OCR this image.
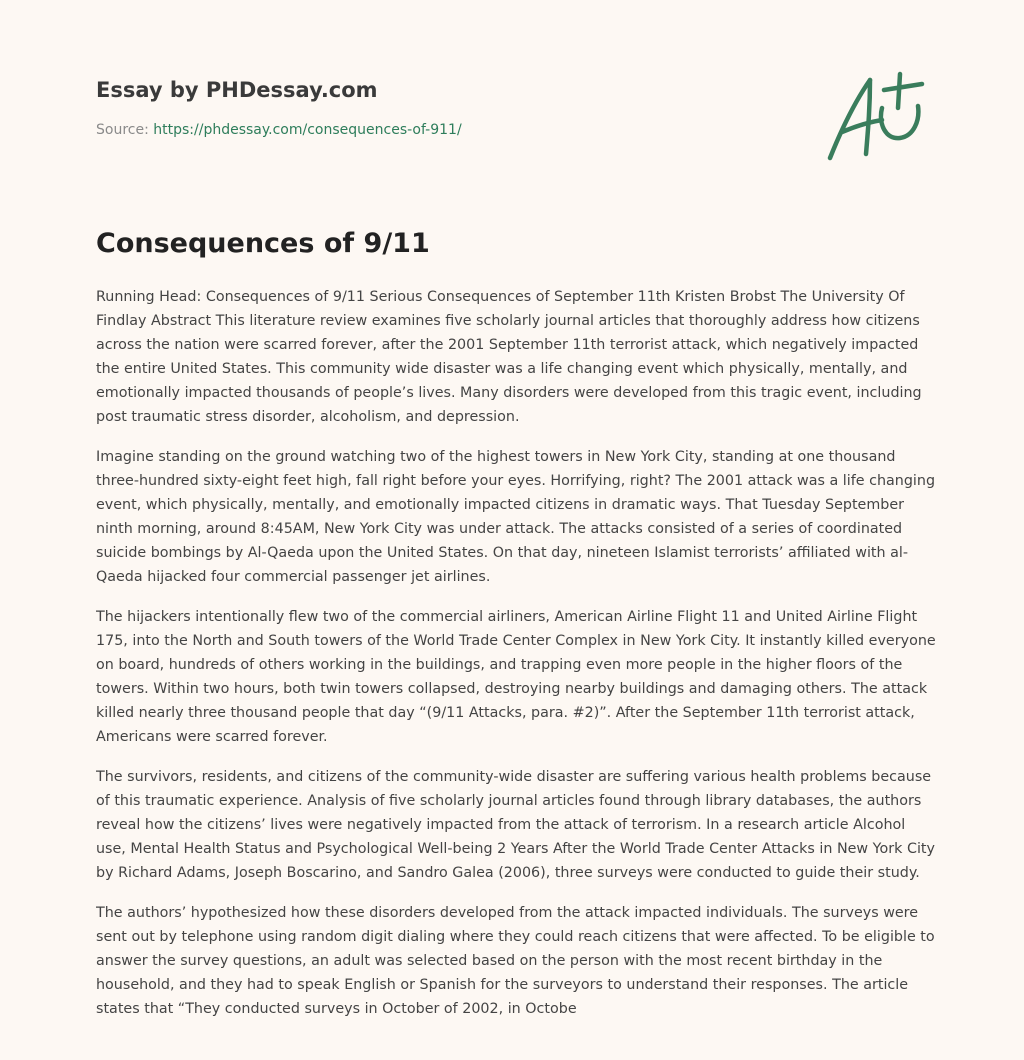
Essay by PHDessay.com
Source: https://phdessay.com/consequences-of-911/
Consequences of 9/11

Running Head: Consequences of 9/11 Serious Consequences of September 11th Kristen Brobst The University Of Findlay Abstract This literature review examines five scholarly journal articles that thoroughly address how citizens across the nation were scarred forever, after the 2001 September 11th terrorist attack, which negatively impacted the entire United States. This community wide disaster was a life changing event which physically, mentally, and emotionally impacted thousands of people’s lives. Many disorders were developed from this tragic event, including post traumatic stress disorder, alcoholism, and depression.

Imagine standing on the ground watching two of the highest towers in New York City, standing at one thousand three-hundred sixty-eight feet high, fall right before your eyes. Horrifying, right? The 2001 attack was a life changing event, which physically, mentally, and emotionally impacted citizens in dramatic ways. That Tuesday September ninth morning, around 8:45AM, New York City was under attack. The attacks consisted of a series of coordinated suicide bombings by Al-Qaeda upon the United States. On that day, nineteen Islamist terrorists’ affiliated with al-Qaeda hijacked four commercial passenger jet airlines.

The hijackers intentionally flew two of the commercial airliners, American Airline Flight 11 and United Airline Flight 175, into the North and South towers of the World Trade Center Complex in New York City. It instantly killed everyone on board, hundreds of others working in the buildings, and trapping even more people in the higher floors of the towers. Within two hours, both twin towers collapsed, destroying nearby buildings and damaging others. The attack killed nearly three thousand people that day “(9/11 Attacks, para. #2)”. After the September 11th terrorist attack, Americans were scarred forever.

The survivors, residents, and citizens of the community-wide disaster are suffering various health problems because of this traumatic experience. Analysis of five scholarly journal articles found through library databases, the authors reveal how the citizens’ lives were negatively impacted from the attack of terrorism. In a research article Alcohol use, Mental Health Status and Psychological Well-being 2 Years After the World Trade Center Attacks in New York City by Richard Adams, Joseph Boscarino, and Sandro Galea (2006), three surveys were conducted to guide their study.

The authors’ hypothesized how these disorders developed from the attack impacted individuals. The surveys were sent out by telephone using random digit dialing where they could reach citizens that were affected. To be eligible to answer the survey questions, an adult was selected based on the person with the most recent birthday in the household, and they had to speak English or Spanish for the surveyors to understand their responses. The article states that “They conducted surveys in October of 2002, in Octobe
